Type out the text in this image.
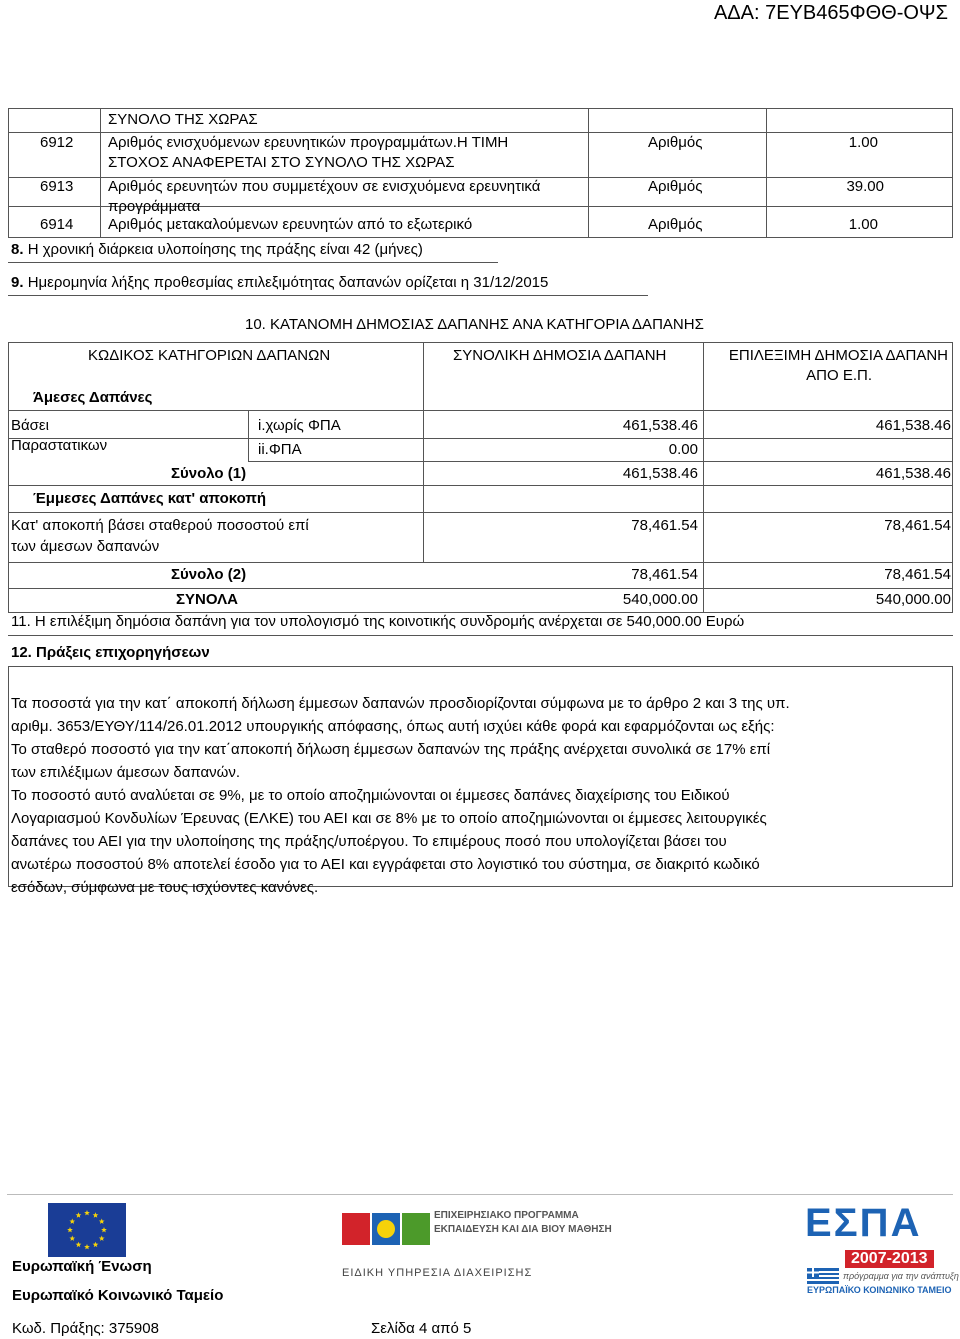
ΑΔΑ: 7ΕΥΒ465ΦΘΘ-ΟΨΣ
ΣΥΝΟΛΟ ΤΗΣ ΧΩΡΑΣ
6912 Αριθμός ενισχυόμενων ερευνητικών προγραμμάτων.Η ΤΙΜΗ
ΣΤΟΧΟΣ ΑΝΑΦΕΡΕΤΑΙ ΣΤΟ ΣΥΝΟΛΟ ΤΗΣ ΧΩΡΑΣ
Αριθμός	1.00
6913 Αριθμός ερευνητών που συμμετέχουν σε ενισχυόμενα ερευνητικά
προγράμματα
Αριθμός	39.00
6914 Αριθμός μετακαλούμενων ερευνητών από το εξωτερικό	Αριθμός	1.00
8. Η χρονική διάρκεια υλοποίησης της πράξης είναι 42 (μήνες)
9. Ημερομηνία λήξης προθεσμίας επιλεξιμότητας δαπανών ορίζεται η 31/12/2015
10. ΚΑΤΑΝΟΜΗ ΔΗΜΟΣΙΑΣ ΔΑΠΑΝΗΣ ΑΝΑ ΚΑΤΗΓΟΡΙΑ ΔΑΠΑΝΗΣ
ΚΩΔΙΚΟΣ ΚΑΤΗΓΟΡΙΩΝ ΔΑΠΑΝΩΝ	ΣΥΝΟΛΙΚΗ ΔΗΜΟΣΙΑ ΔΑΠΑΝΗ	ΕΠΙΛΕΞΙΜΗ ΔΗΜΟΣΙΑ ΔΑΠΑΝΗ
ΑΠΟ Ε.Π.
Άμεσες Δαπάνες
Βάσει
Παραστατικων
i.χωρίς ΦΠΑ	461,538.46	461,538.46
ii.ΦΠΑ	0.00
Σύνολο (1)	461,538.46	461,538.46
Έμμεσες Δαπάνες κατ' αποκοπή
Κατ' αποκοπή βάσει σταθερού ποσοστού επί
των άμεσων δαπανών
78,461.54	78,461.54
Σύνολο (2)	78,461.54	78,461.54
ΣΥΝΟΛΑ	540,000.00	540,000.00
11. Η επιλέξιμη δημόσια δαπάνη για τον υπολογισμό της κοινοτικής συνδρομής ανέρχεται σε 540,000.00 Ευρώ
12. Πράξεις επιχορηγήσεων

Τα ποσοστά για την κατ΄ αποκοπή δήλωση έμμεσων δαπανών προσδιορίζονται σύμφωνα με το άρθρο 2 και 3 της υπ.

αριθμ. 3653/ΕΥΘΥ/114/26.01.2012 υπουργικής απόφασης, όπως αυτή ισχύει κάθε φορά και εφαρμόζονται ως εξής:

Το σταθερό ποσοστό για την κατ΄αποκοπή δήλωση έμμεσων δαπανών της πράξης ανέρχεται συνολικά σε 17% επί

των επιλέξιμων άμεσων δαπανών.

Το ποσοστό αυτό αναλύεται σε 9%, με το οποίο αποζημιώνονται οι έμμεσες δαπάνες διαχείρισης του Ειδικού

Λογαριασμού Κονδυλίων Έρευνας (ΕΛΚΕ) του ΑΕΙ και σε 8% με το οποίο αποζημιώνονται οι έμμεσες λειτουργικές

δαπάνες του ΑΕΙ για την υλοποίησης της πράξης/υποέργου. Το επιμέρους ποσό που υπολογίζεται βάσει του

ανωτέρω ποσοστού 8% αποτελεί έσοδο για το ΑΕΙ και εγγράφεται στο λογιστικό του σύστημα, σε διακριτό κωδικό

εσόδων, σύμφωνα με τους ισχύοντες κανόνες.

Ευρωπαϊκή Ένωση
Ευρωπαϊκό Κοινωνικό Ταμείο
Κωδ. Πράξης: 375908	Σελίδα 4 από 5
ΕΠΙΧΕΙΡΗΣΙΑΚΟ ΠΡΟΓΡΑΜΜΑ
ΕΚΠΑΙΔΕΥΣΗ ΚΑΙ ΔΙΑ ΒΙΟΥ ΜΑΘΗΣΗ
ΕΙΔΙΚΗ ΥΠΗΡΕΣΙΑ ΔΙΑΧΕΙΡΙΣΗΣ
ΕΣΠΑ
2007-2013
πρόγραμμα για την ανάπτυξη
ΕΥΡΩΠΑΪΚΟ ΚΟΙΝΩΝΙΚΟ ΤΑΜΕΙΟ
